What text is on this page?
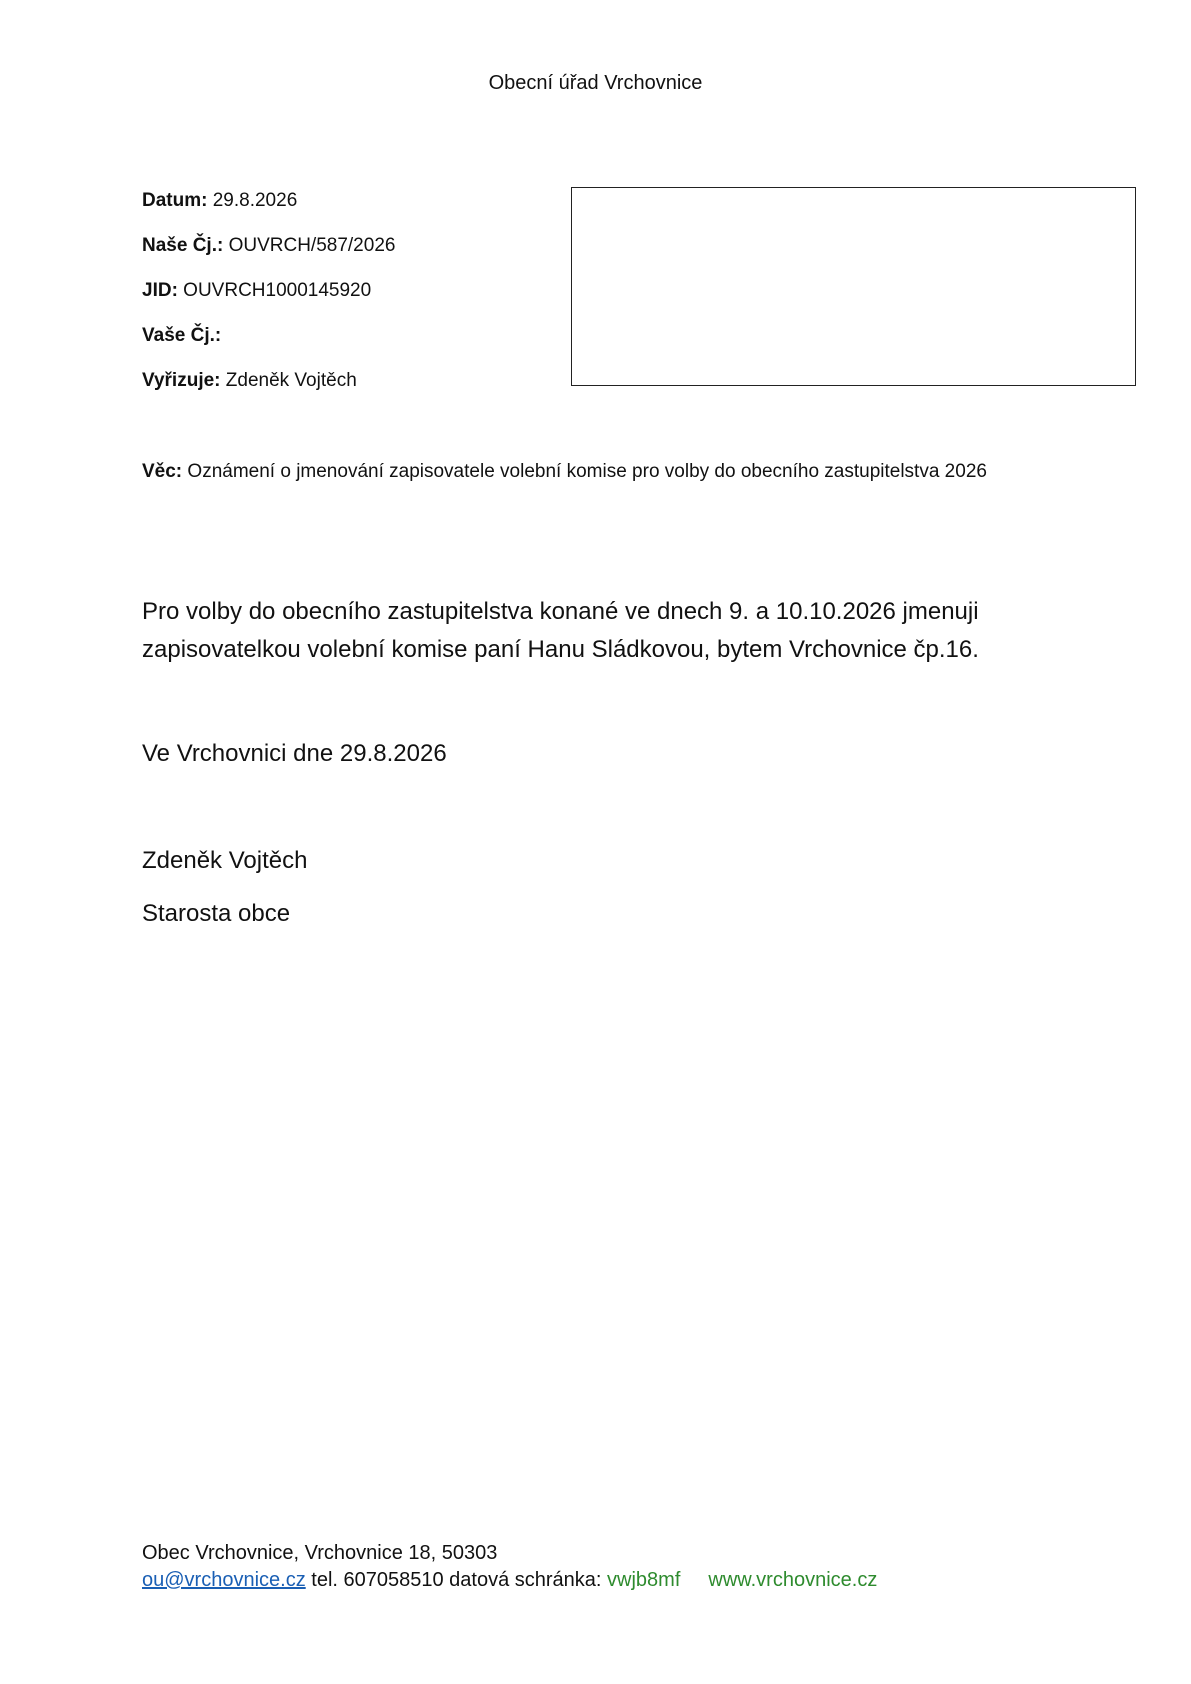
Obecní úřad Vrchovnice
Datum: 29.8.2026
Naše Čj.: OUVRCH/587/2026
JID: OUVRCH1000145920
Vaše Čj.:
Vyřizuje: Zdeněk Vojtěch
Věc: Oznámení o jmenování zapisovatele volební komise pro volby do obecního zastupitelstva 2026
Pro volby do obecního zastupitelstva konané ve dnech 9. a 10.10.2026 jmenuji zapisovatelkou volební komise paní Hanu Sládkovou, bytem Vrchovnice čp.16.
Ve Vrchovnici dne 29.8.2026
Zdeněk Vojtěch
Starosta obce
Obec Vrchovnice, Vrchovnice 18, 50303
ou@vrchovnice.cz tel. 607058510 datová schránka: vwjb8mf www.vrchovnice.cz
